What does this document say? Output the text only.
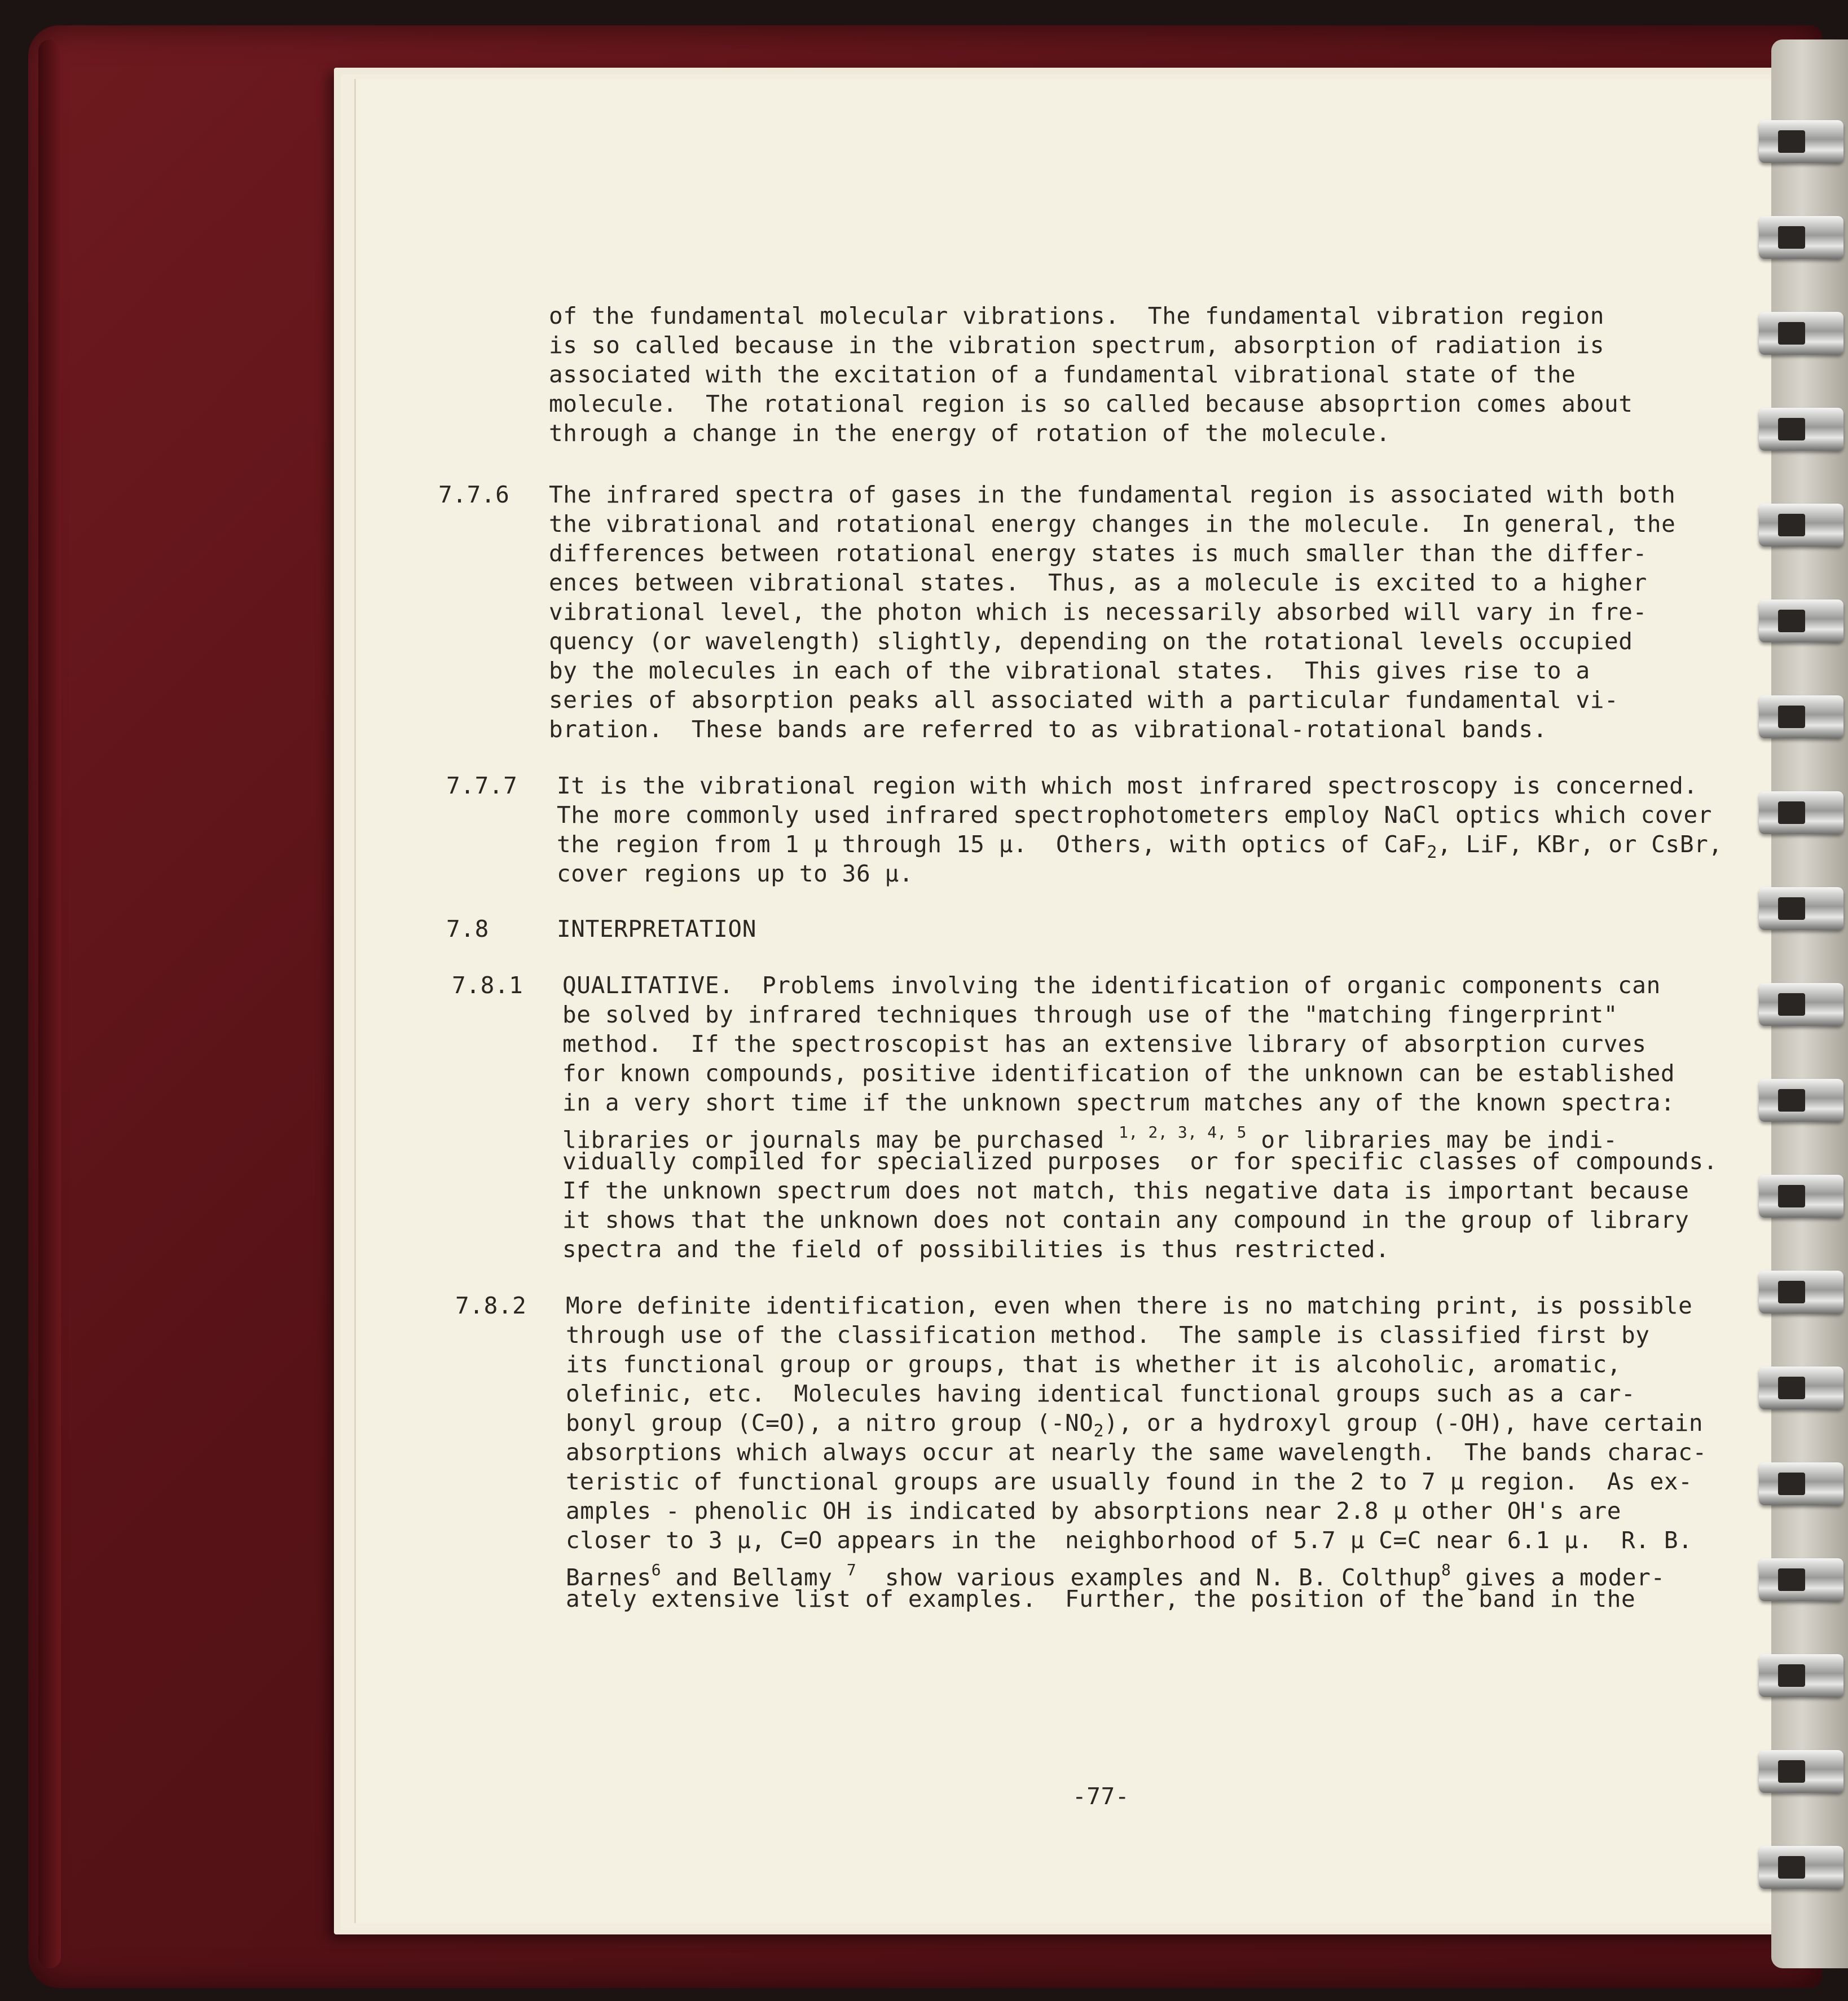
of the fundamental molecular vibrations.  The fundamental vibration region

is so called because in the vibration spectrum, absorption of radiation is

associated with the excitation of a fundamental vibrational state of the

molecule.  The rotational region is so called because absoprtion comes about

through a change in the energy of rotation of the molecule.

7.7.6

The infrared spectra of gases in the fundamental region is associated with both

the vibrational and rotational energy changes in the molecule.  In general, the

differences between rotational energy states is much smaller than the differ-

ences between vibrational states.  Thus, as a molecule is excited to a higher

vibrational level, the photon which is necessarily absorbed will vary in fre-

quency (or wavelength) slightly, depending on the rotational levels occupied

by the molecules in each of the vibrational states.  This gives rise to a

series of absorption peaks all associated with a particular fundamental vi-

bration.  These bands are referred to as vibrational-rotational bands.

7.7.7

It is the vibrational region with which most infrared spectroscopy is concerned.

The more commonly used infrared spectrophotometers employ NaCl optics which cover

the region from 1 μ through 15 μ.  Others, with optics of CaF$_2$, LiF, KBr, or CsBr,

cover regions up to 36 μ.

7.8

	INTERPRETATION

7.8.1

QUALITATIVE.  Problems involving the identification of organic components can

be solved by infrared techniques through use of the "matching fingerprint"

method.  If the spectroscopist has an extensive library of absorption curves

for known compounds, positive identification of the unknown can be established

in a very short time if the unknown spectrum matches any of the known spectra:

libraries or journals may be purchased $^{1, 2, 3, 4, 5}$ or libraries may be indi-

vidually compiled for specialized purposes  or for specific classes of compounds.

If the unknown spectrum does not match, this negative data is important because

it shows that the unknown does not contain any compound in the group of library

spectra and the field of possibilities is thus restricted.

7.8.2

More definite identification, even when there is no matching print, is possible

through use of the classification method.  The sample is classified first by

its functional group or groups, that is whether it is alcoholic, aromatic,

olefinic, etc.  Molecules having identical functional groups such as a car-

bonyl group (C=O), a nitro group $(-NO_2)$, or a hydroxyl group (-OH), have certain

absorptions which always occur at nearly the same wavelength.  The bands charac-

teristic of functional groups are usually found in the 2 to 7 μ region.  As ex-

amples - phenolic OH is indicated by absorptions near 2.8 μ other OH's are

closer to 3 μ, C=O appears in the  neighborhood of 5.7 μ C=C near 6.1 μ.  R. B.

Barnes$^6$ and Bellamy $^7$  show various examples and N. B. Colthup$^8$ gives a moder-

ately extensive list of examples.  Further, the position of the band in the

-77-
